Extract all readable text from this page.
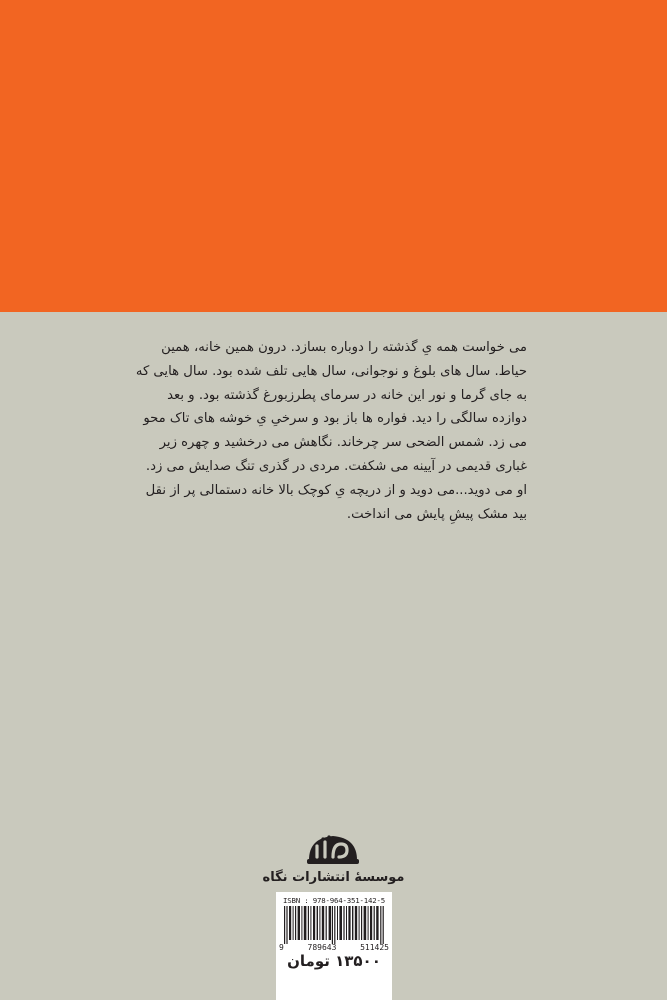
می خواست همه یِ گذشته را دوباره بسازد. درون همین خانه، همین
حیاط. سال های بلوغ و نوجوانی، سال هایی تلف شده بود. سال هایی که
به جای گرما و نور این خانه در سرمای پطرزبورغ گذشته بود. و بعد
دوازده سالگی را دید. فواره ها باز بود و سرخیِ یِ خوشه های تاک محو
می زد. شمس الضحی سر چرخاند. نگاهش می درخشید و چهره زیر
غباری قدیمی در آیینه می شکفت. مردی در گذری تنگ صدایش می زد.
او می دوید...می دوید و از دریچه یِ کوچک بالا خانه دستمالی پر از نقل
بید مشک پیشِ پایش می انداخت.
موسسۀ انتشارات نگاه
ISBN : 978-964-351-142-5
9	789643	511425
۱۳۵۰۰ تومان
